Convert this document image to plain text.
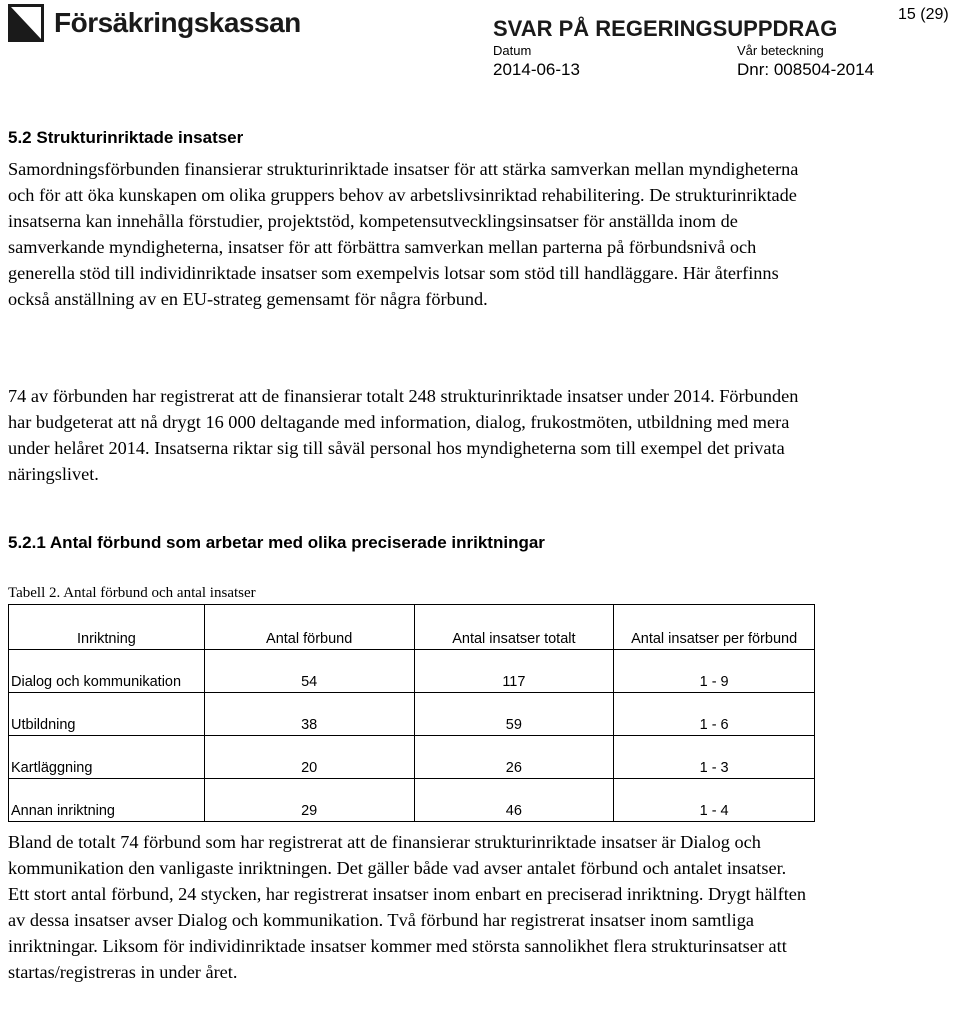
Försäkringskassan	SVAR PÅ REGERINGSUPPDRAG
Datum
2014-06-13
Vår beteckning
Dnr: 008504-2014
15 (29)
5.2 Strukturinriktade insatser

Samordningsförbunden finansierar strukturinriktade insatser för att stärka samverkan mellan myndigheterna och för att öka kunskapen om olika gruppers behov av arbetslivsinriktad rehabilitering. De strukturinriktade insatserna kan innehålla förstudier, projektstöd, kompetensutvecklingsinsatser för anställda inom de samverkande myndigheterna, insatser för att förbättra samverkan mellan parterna på förbundsnivå och generella stöd till individinriktade insatser som exempelvis lotsar som stöd till handläggare. Här återfinns också anställning av en EU-strateg gemensamt för några förbund.

74 av förbunden har registrerat att de finansierar totalt 248 strukturinriktade insatser under 2014. Förbunden har budgeterat att nå drygt 16 000 deltagande med information, dialog, frukostmöten, utbildning med mera under helåret 2014. Insatserna riktar sig till såväl personal hos myndigheterna som till exempel det privata näringslivet.

5.2.1 Antal förbund som arbetar med olika preciserade inriktningar
Tabell 2. Antal förbund och antal insatser
Inriktning	Antal förbund	Antal insatser totalt	Antal insatser per förbund
Dialog och kommunikation	54	117	1 - 9
Utbildning	38	59	1 - 6
Kartläggning	20	26	1 - 3
Annan inriktning	29	46	1 - 4

Bland de totalt 74 förbund som har registrerat att de finansierar strukturinriktade insatser är Dialog och kommunikation den vanligaste inriktningen. Det gäller både vad avser antalet förbund och antalet insatser. Ett stort antal förbund, 24 stycken, har registrerat insatser inom enbart en preciserad inriktning. Drygt hälften av dessa insatser avser Dialog och kommunikation. Två förbund har registrerat insatser inom samtliga inriktningar. Liksom för individinriktade insatser kommer med största sannolikhet flera strukturinsatser att startas/registreras in under året.
